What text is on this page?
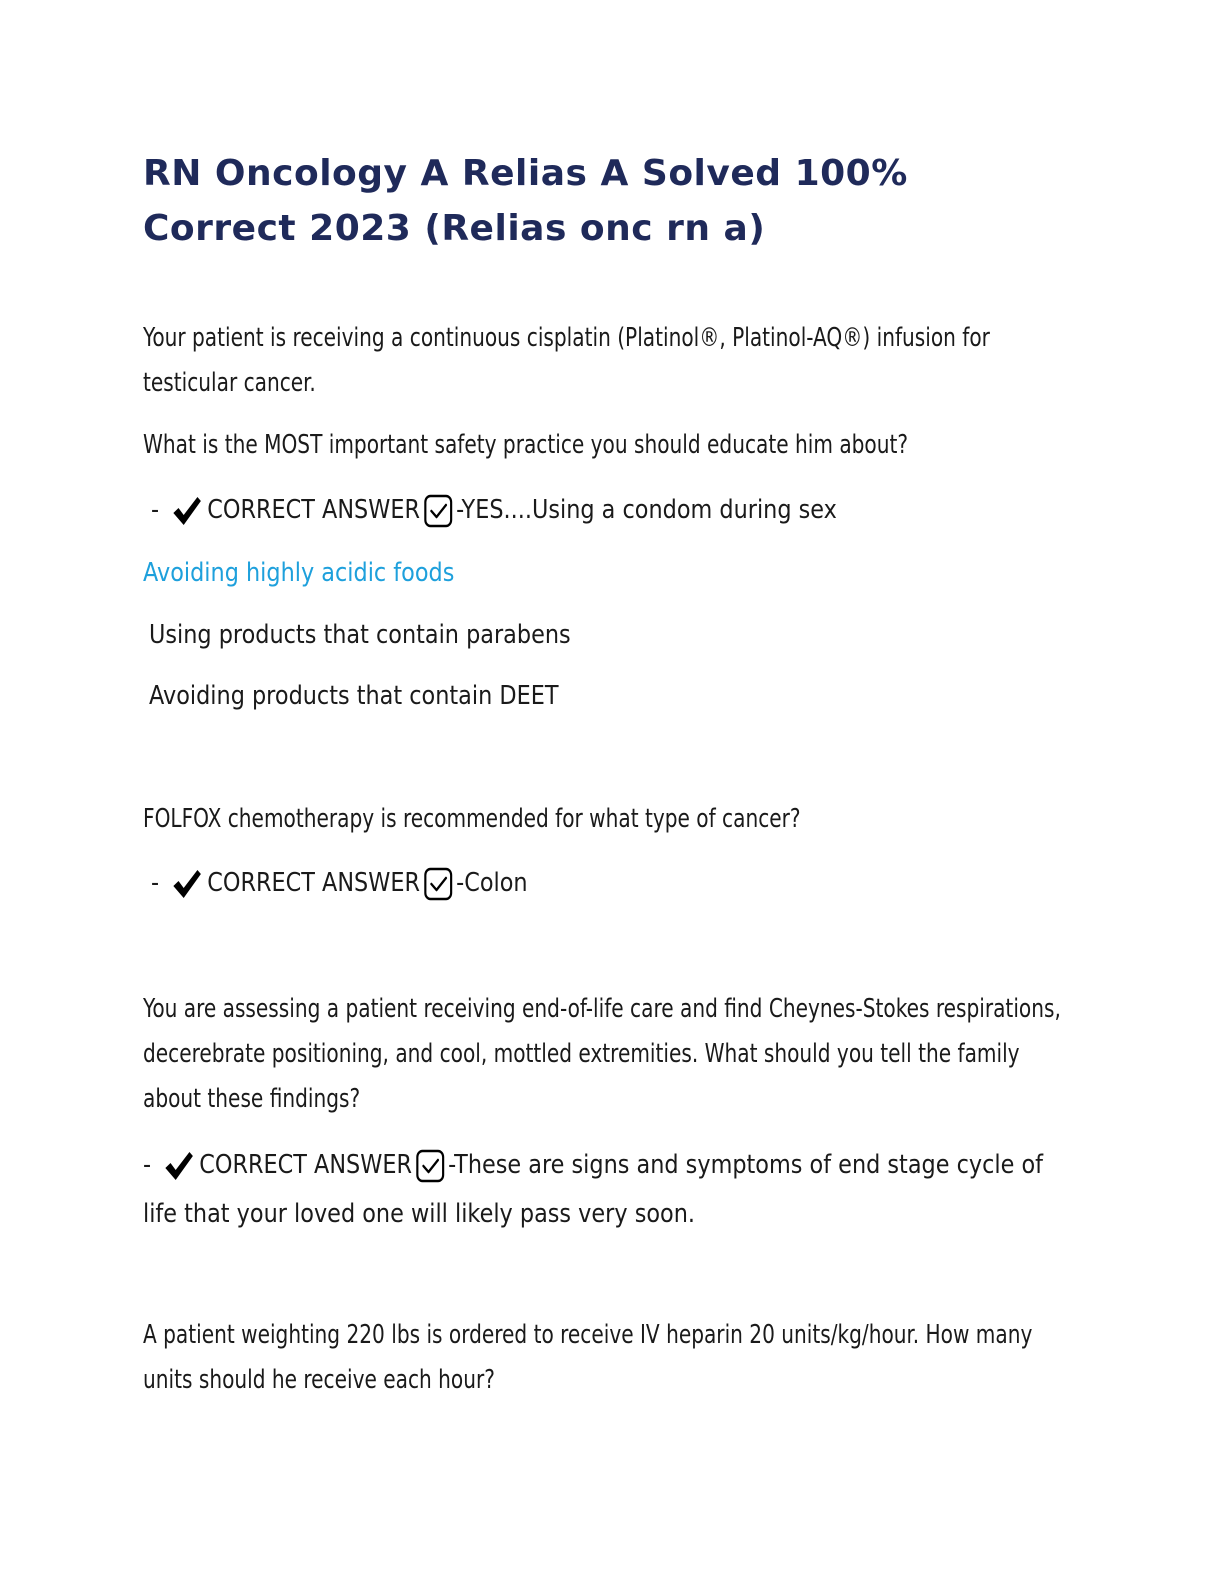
RN Oncology A Relias A Solved 100% Correct 2023 (Relias onc rn a)

Your patient is receiving a continuous cisplatin (Platinol®, Platinol-AQ®) infusion for testicular cancer.

What is the MOST important safety practice you should educate him about?

- CORRECT ANSWER -YES....Using a condom during sex
Avoiding highly acidic foods
Using products that contain parabens
Avoiding products that contain DEET

FOLFOX chemotherapy is recommended for what type of cancer?

- CORRECT ANSWER -Colon

You are assessing a patient receiving end-of-life care and find Cheynes-Stokes respirations, decerebrate positioning, and cool, mottled extremities. What should you tell the family about these findings?

- CORRECT ANSWER -These are signs and symptoms of end stage cycle of
life that your loved one will likely pass very soon.

A patient weighting 220 lbs is ordered to receive IV heparin 20 units/kg/hour. How many units should he receive each hour?
